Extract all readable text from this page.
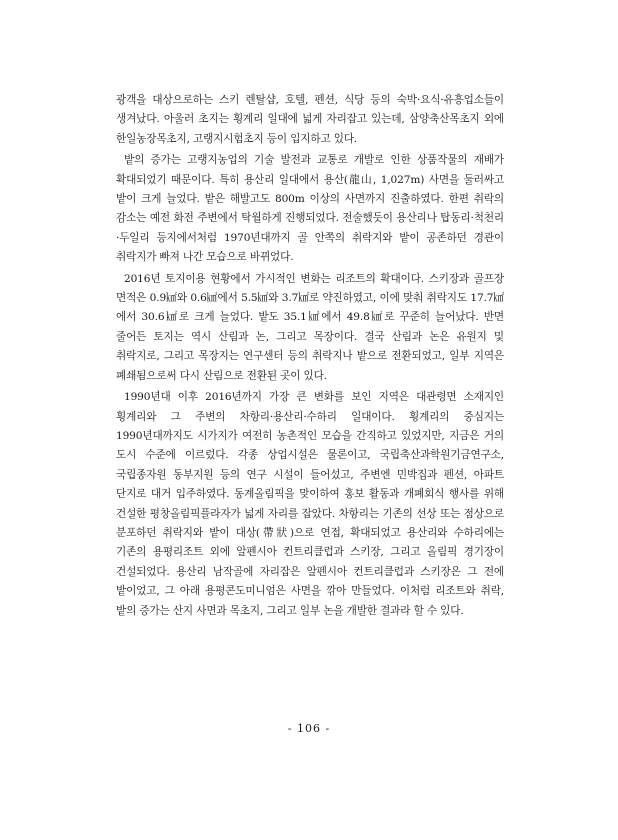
광객을 대상으로하는 스키 렌탈샵, 호텔, 펜션, 식당 등의 숙박·요식·유흥업소들이 생겨났다. 아울러 초지는 횡계리 일대에 넓게 자리잡고 있는데, 삼양축산목초지 외에 한일농장목초지, 고랭지시험초지 등이 입지하고 있다.

밭의 증가는 고랭지농업의 기술 발전과 교통로 개발로 인한 상품작물의 재배가 확대되었기 때문이다. 특히 용산리 일대에서 용산(龍山, 1,027m) 사면을 둘러싸고 밭이 크게 늘었다. 밭은 해발고도 800m 이상의 사면까지 진출하였다. 한편 취락의 감소는 예전 화전 주변에서 탁월하게 진행되었다. 전술했듯이 용산리나 탑동리·척천리·두일리 등지에서처럼 1970년대까지 골 안쪽의 취락지와 밭이 공존하던 경관이 취락지가 빠져 나간 모습으로 바뀌었다.

2016년 토지이용 현황에서 가시적인 변화는 리조트의 확대이다. 스키장과 골프장 면적은 0.9㎢와 0.6㎢에서 5.5㎢와 3.7㎢로 약진하였고, 이에 맞춰 취락지도 17.7㎢에서 30.6㎢로 크게 늘었다. 밭도 35.1㎢에서 49.8㎢로 꾸준히 늘어났다. 반면 줄어든 토지는 역시 산림과 논, 그리고 목장이다. 결국 산림과 논은 유원지 및 취락지로, 그리고 목장지는 연구센터 등의 취락지나 밭으로 전환되었고, 일부 지역은 폐쇄됨으로써 다시 산림으로 전환된 곳이 있다.

1990년대 이후 2016년까지 가장 큰 변화를 보인 지역은 대관령면 소재지인 횡계리와 그 주변의 차항리·용산리·수하리 일대이다. 횡계리의 중심지는 1990년대까지도 시가지가 여전히 농촌적인 모습을 간직하고 있었지만, 지금은 거의 도시 수준에 이르렀다. 각종 상업시설은 물론이고, 국립축산과학원기금연구소, 국립종자원 동부지원 등의 연구 시설이 들어섰고, 주변엔 민박집과 펜션, 아파트 단지로 대거 입주하였다. 동계올림픽을 맞이하여 홍보 활동과 개폐회식 행사를 위해 건설한 평창올림픽플라자가 넓게 자리를 잡았다. 차항리는 기존의 선상 또는 점상으로 분포하던 취락지와 밭이 대상(帶狀)으로 연접, 확대되었고 용산리와 수하리에는 기존의 용평리조트 외에 알펜시아 컨트리클럽과 스키장, 그리고 올림픽 경기장이 건설되었다. 용산리 남작골에 자리잡은 알펜시아 컨트리클럽과 스키장은 그 전에 밭이었고, 그 아래 용평콘도미니엄은 사면을 깎아 만들었다. 이처럼 리조트와 취락, 밭의 증가는 산지 사면과 목초지, 그리고 일부 논을 개발한 결과라 할 수 있다.

- 106 -
